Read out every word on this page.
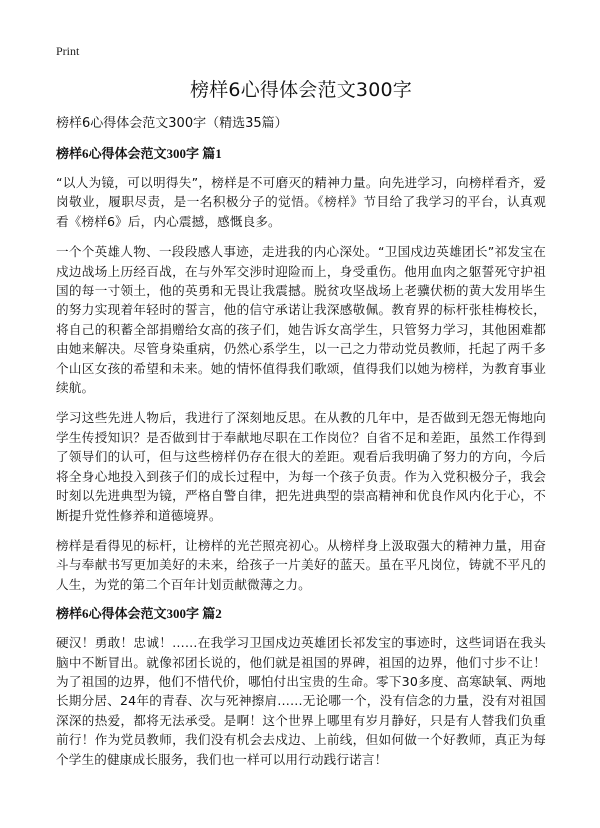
Print
榜样6心得体会范文300字
榜样6心得体会范文300字（精选35篇）
榜样6心得体会范文300字 篇1

“以人为镜，可以明得失”，榜样是不可磨灭的精神力量。向先进学习，向榜样看齐，爱岗敬业，履职尽责，是一名积极分子的觉悟。《榜样》节目给了我学习的平台，认真观看《榜样6》后，内心震撼，感慨良多。

一个个英雄人物、一段段感人事迹，走进我的内心深处。“卫国戍边英雄团长”祁发宝在戍边战场上历经百战，在与外军交涉时迎险而上，身受重伤。他用血肉之躯誓死守护祖国的每一寸领土，他的英勇和无畏让我震撼。脱贫攻坚战场上老骥伏枥的黄大发用毕生的努力实现着年轻时的誓言，他的信守承诺让我深感敬佩。教育界的标杆张桂梅校长，将自己的积蓄全部捐赠给女高的孩子们，她告诉女高学生，只管努力学习，其他困难都由她来解决。尽管身染重病，仍然心系学生，以一己之力带动党员教师，托起了两千多个山区女孩的希望和未来。她的情怀值得我们歌颂，值得我们以她为榜样，为教育事业续航。

学习这些先进人物后，我进行了深刻地反思。在从教的几年中，是否做到无怨无悔地向学生传授知识？是否做到甘于奉献地尽职在工作岗位？自省不足和差距，虽然工作得到了领导们的认可，但与这些榜样仍存在很大的差距。观看后我明确了努力的方向，今后将全身心地投入到孩子们的成长过程中，为每一个孩子负责。作为入党积极分子，我会时刻以先进典型为镜，严格自警自律，把先进典型的崇高精神和优良作风内化于心，不断提升党性修养和道德境界。

榜样是看得见的标杆，让榜样的光芒照亮初心。从榜样身上汲取强大的精神力量，用奋斗与奉献书写更加美好的未来，给孩子一片美好的蓝天。虽在平凡岗位，铸就不平凡的人生，为党的第二个百年计划贡献微薄之力。

榜样6心得体会范文300字 篇2

硬汉！勇敢！忠诚！……在我学习卫国戍边英雄团长祁发宝的事迹时，这些词语在我头脑中不断冒出。就像祁团长说的，他们就是祖国的界碑，祖国的边界，他们寸步不让！为了祖国的边界，他们不惜代价，哪怕付出宝贵的生命。零下30多度、高寒缺氧、两地长期分居、24年的青春、次与死神擦肩……无论哪一个，没有信念的力量，没有对祖国深深的热爱，都将无法承受。是啊！这个世界上哪里有岁月静好，只是有人替我们负重前行！作为党员教师，我们没有机会去戍边、上前线，但如何做一个好教师，真正为每个学生的健康成长服务，我们也一样可以用行动践行诺言！
